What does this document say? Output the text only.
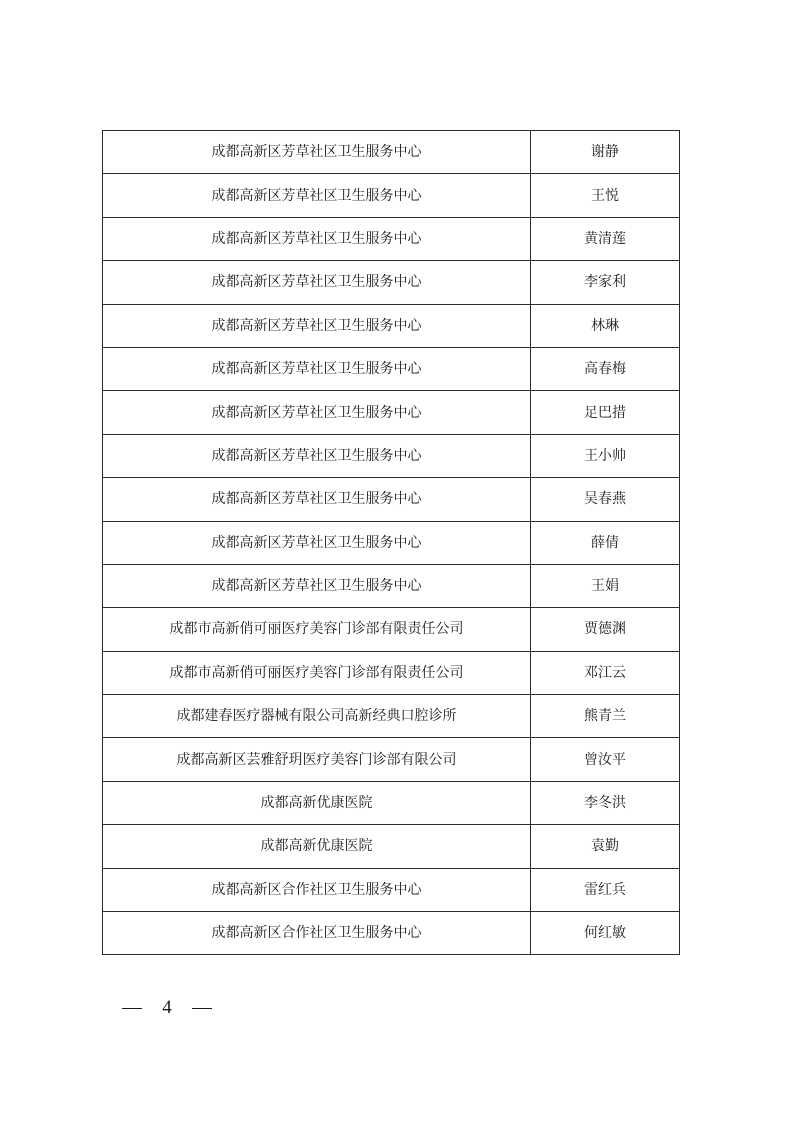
成都高新区芳草社区卫生服务中心	谢静
成都高新区芳草社区卫生服务中心	王悦
成都高新区芳草社区卫生服务中心	黄清莲
成都高新区芳草社区卫生服务中心	李家利
成都高新区芳草社区卫生服务中心	林琳
成都高新区芳草社区卫生服务中心	高春梅
成都高新区芳草社区卫生服务中心	足巴措
成都高新区芳草社区卫生服务中心	王小帅
成都高新区芳草社区卫生服务中心	吴春燕
成都高新区芳草社区卫生服务中心	薛倩
成都高新区芳草社区卫生服务中心	王娟
成都市高新俏可丽医疗美容门诊部有限责任公司	贾德渊
成都市高新俏可丽医疗美容门诊部有限责任公司	邓江云
成都建春医疗器械有限公司高新经典口腔诊所	熊青兰
成都高新区芸雅舒玥医疗美容门诊部有限公司	曾汝平
成都高新优康医院	李冬洪
成都高新优康医院	袁勤
成都高新区合作社区卫生服务中心	雷红兵
成都高新区合作社区卫生服务中心	何红敏
4
